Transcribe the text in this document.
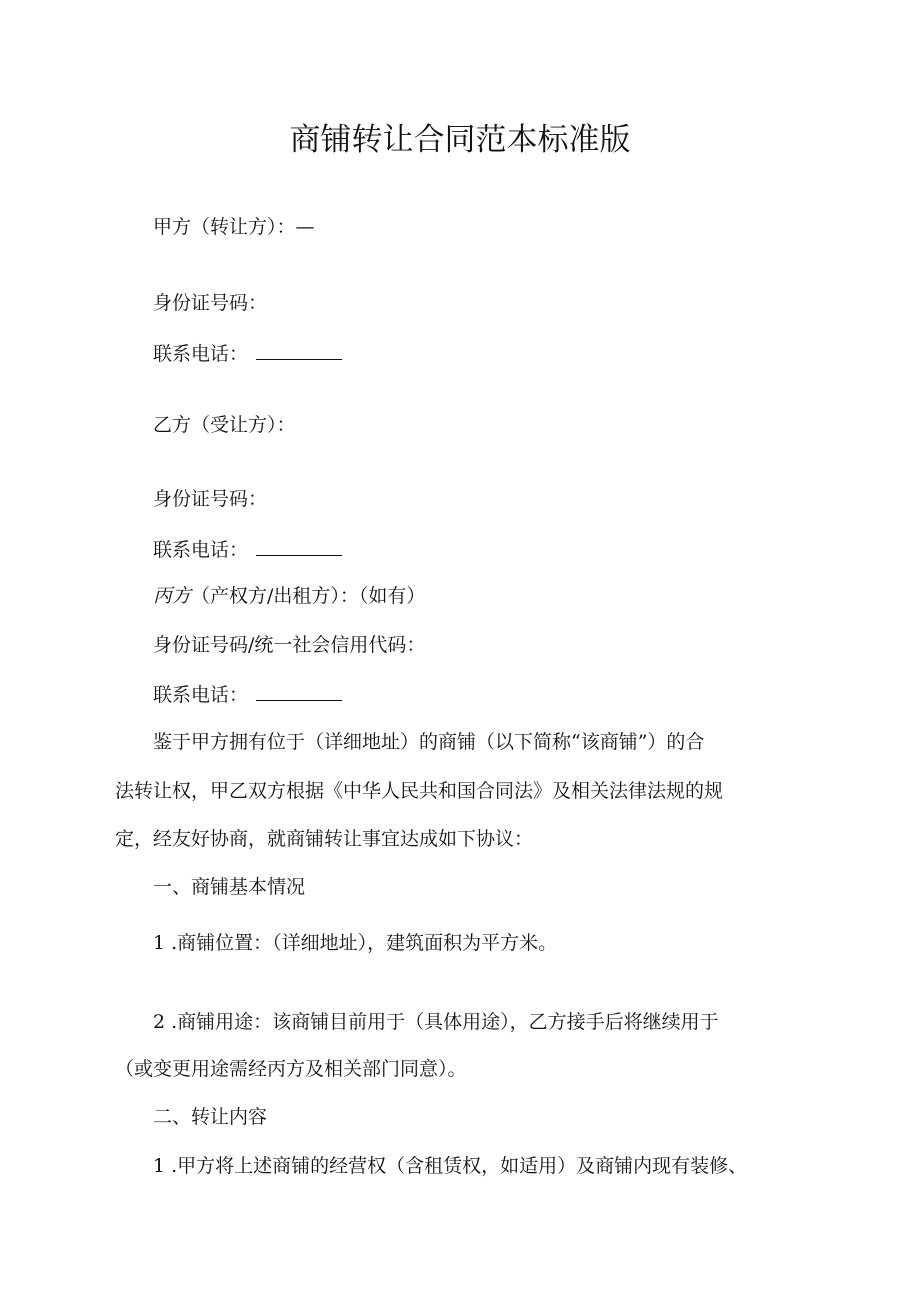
商铺转让合同范本标准版
甲方（转让方）：—
身份证号码：
联系电话：
乙方（受让方）：
身份证号码：
联系电话：
丙方（产权方/出租方）：（如有）
身份证号码/统一社会信用代码：
联系电话：
鉴于甲方拥有位于（详细地址）的商铺（以下简称“该商铺”）的合
法转让权，甲乙双方根据《中华人民共和国合同法》及相关法律法规的规
定，经友好协商，就商铺转让事宜达成如下协议：
一、商铺基本情况
1 .商铺位置：（详细地址），建筑面积为平方米。
2 .商铺用途：该商铺目前用于（具体用途），乙方接手后将继续用于
（或变更用途需经丙方及相关部门同意）。
二、转让内容
1 .甲方将上述商铺的经营权（含租赁权，如适用）及商铺内现有装修、
